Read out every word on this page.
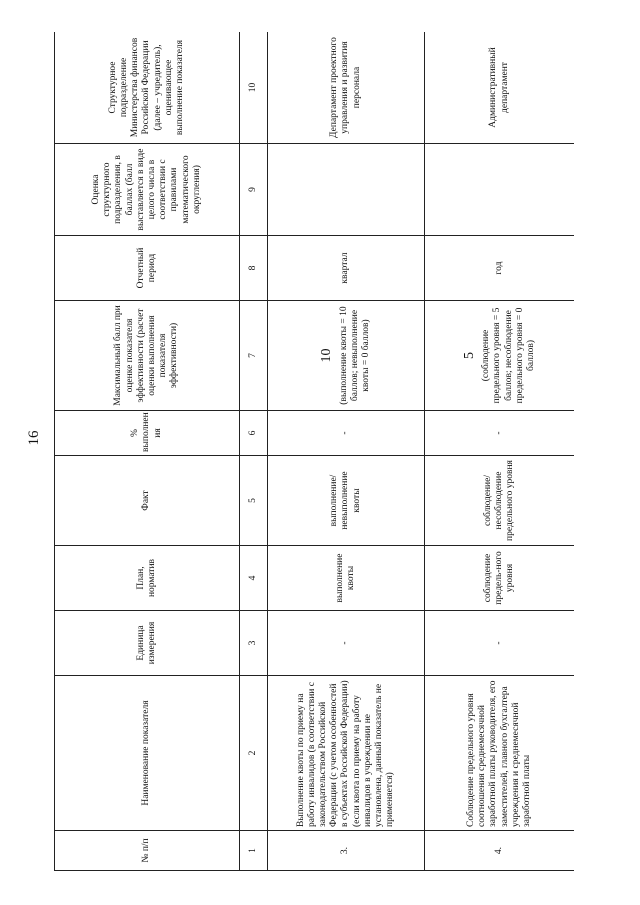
16
№ п/п	Наименование показателя	Единица измерения	План, норматив	Факт	% выполнен ия	Максимальный балл при оценке показателя эффективности (расчет оценки выполнения показателя эффективности)	Отчетный период	Оценка структурного подразделения, в баллах (балл выставляется в виде целого числа в соответствии с правилами математического округления)	Структурное подразделение Министерства финансов Российской Федерации (далее – учредитель), оценивающее выполнение показателя
1	2	3	4	5	6	7	8	9	10
3.	Выполнение квоты по приему на работу инвалидов (в соответствии с законодательством Российской Федерации (с учетом особенностей в субъектах Российской Федерации) (если квота по приему на работу инвалидов в учреждении не установлена, данный показатель не применяется)	-	выполнение квоты	выполнение/ невыполнение квоты	-	10 (выполнение квоты = 10 баллов; невыполнение квоты = 0 баллов)	квартал		Департамент проектного управления и развития персонала
4.	Соблюдение предельного уровня соотношения среднемесячной заработной платы руководителя, его заместителей, главного бухгалтера учреждения и среднемесячной заработной платы	-	соблюдение предель-ного уровня	соблюдение/ несоблюдение предельного уровня	-	5 (соблюдение предельного уровня = 5 баллов; несоблюдение предельного уровня = 0 баллов)	год		Административный департамент
